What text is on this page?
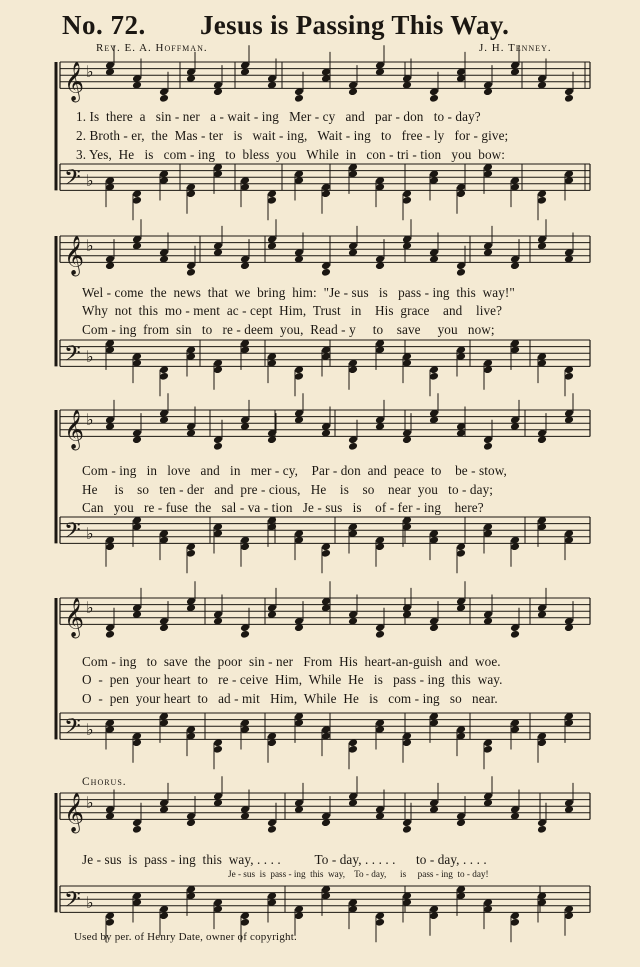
No. 72. Jesus is Passing This Way.
Rev. E. A. Hoffman.	J. H. Tenney.
𝄞 ♭
𝄢 ♭
𝄞 ♭
𝄢 ♭
𝄞 ♭
𝄢 ♭
𝄞 ♭
𝄢 ♭
𝄞 ♭
𝄢 ♭
1. Is  there  a   sin - ner   a - wait - ing   Mer - cy   and   par - don   to - day?
2. Broth - er,  the  Mas - ter   is   wait - ing,   Wait - ing   to   free - ly   for - give;
3. Yes,  He   is   com - ing   to  bless  you   While  in   con - tri - tion   you  bow:
Wel - come  the  news  that  we  bring  him:  "Je - sus   is   pass - ing  this  way!"
Why  not  this  mo - ment  ac - cept  Him,  Trust   in    His  grace    and    live?
Com - ing  from  sin   to   re - deem  you,  Read - y     to    save     you   now;
Com - ing   in   love   and   in   mer - cy,    Par - don  and  peace  to    be - stow,
He     is    so   ten - der   and  pre - cious,   He    is    so    near  you   to - day;
Can   you   re - fuse  the   sal - va - tion   Je - sus   is    of - fer - ing    here?
Com - ing   to  save  the  poor  sin - ner   From  His  heart-an-guish  and  woe.
O  -  pen  your heart  to   re - ceive  Him,  While  He   is   pass - ing  this  way.
O  -  pen  your heart  to   ad - mit   Him,  While  He   is   com - ing   so   near.
Chorus.
Je - sus  is  pass - ing  this  way, . . . .          To - day, . . . . .      to - day, . . . .
Je - sus  is  pass - ing  this  way,    To - day,      is     pass - ing  to - day!
Used by per. of Henry Date, owner of copyright.
